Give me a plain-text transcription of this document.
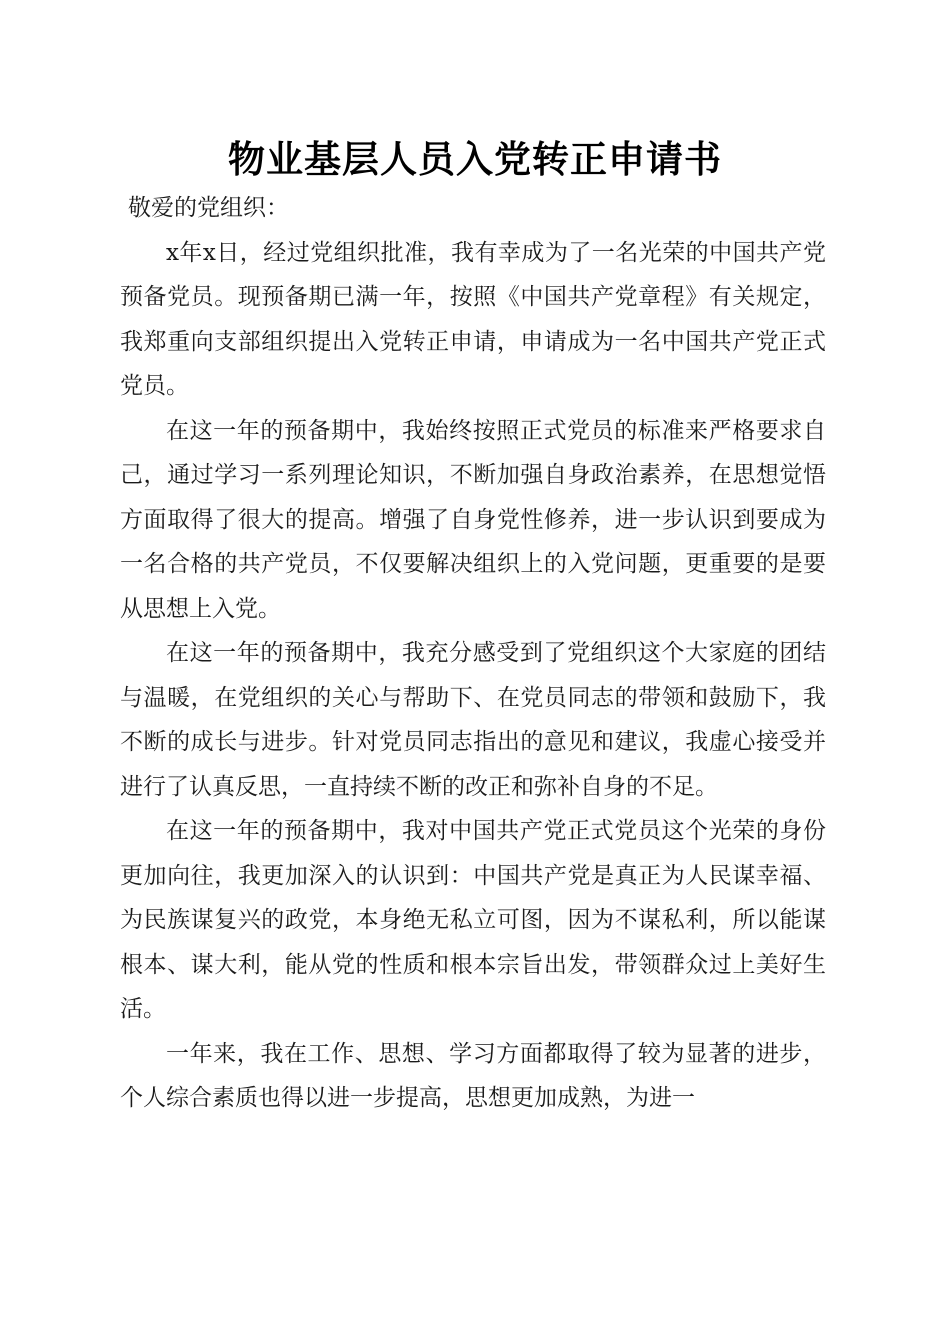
物业基层人员入党转正申请书

敬爱的党组织：

x年x日，经过党组织批准，我有幸成为了一名光荣的中国共产党预备党员。现预备期已满一年，按照《中国共产党章程》有关规定，我郑重向支部组织提出入党转正申请，申请成为一名中国共产党正式党员。

在这一年的预备期中，我始终按照正式党员的标准来严格要求自己，通过学习一系列理论知识，不断加强自身政治素养，在思想觉悟方面取得了很大的提高。增强了自身党性修养，进一步认识到要成为一名合格的共产党员，不仅要解决组织上的入党问题，更重要的是要从思想上入党。

在这一年的预备期中，我充分感受到了党组织这个大家庭的团结与温暖，在党组织的关心与帮助下、在党员同志的带领和鼓励下，我不断的成长与进步。针对党员同志指出的意见和建议，我虚心接受并进行了认真反思，一直持续不断的改正和弥补自身的不足。

在这一年的预备期中，我对中国共产党正式党员这个光荣的身份更加向往，我更加深入的认识到：中国共产党是真正为人民谋幸福、为民族谋复兴的政党，本身绝无私立可图，因为不谋私利，所以能谋根本、谋大利，能从党的性质和根本宗旨出发，带领群众过上美好生活。

一年来，我在工作、思想、学习方面都取得了较为显著的进步，个人综合素质也得以进一步提高，思想更加成熟，为进一
